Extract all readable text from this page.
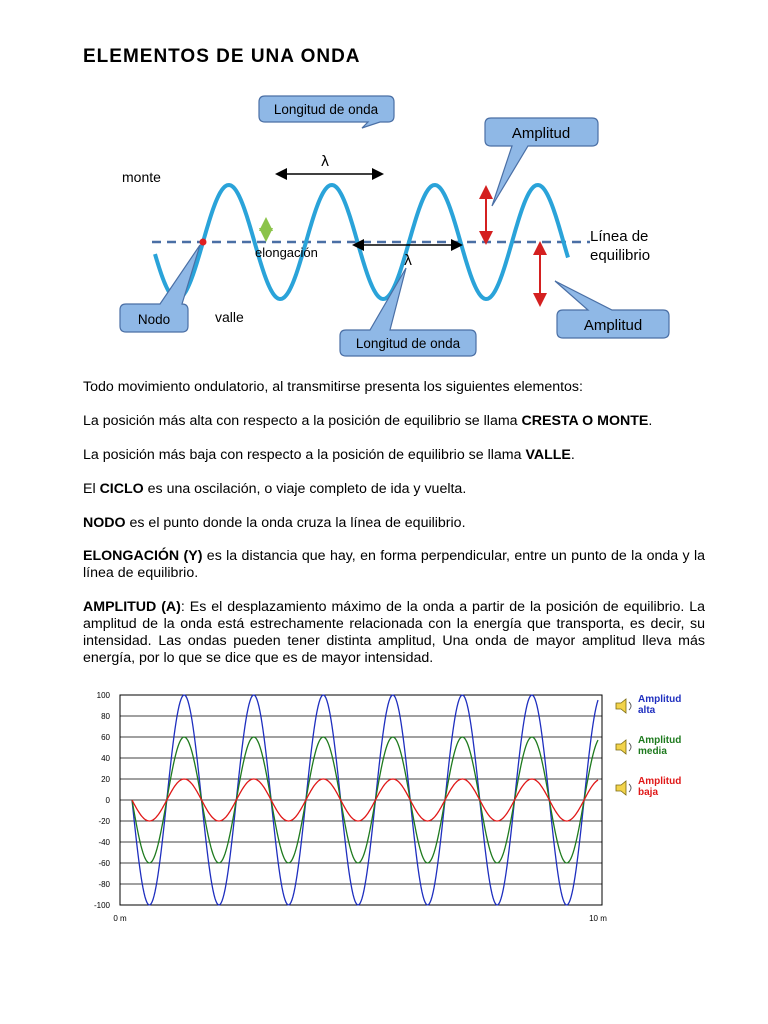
ELEMENTOS DE UNA ONDA
Longitud de onda
Amplitud
Amplitud
Nodo
Longitud de onda
λ
λ
monte
valle
elongación
Línea de
equilibrio
Todo movimiento ondulatorio, al transmitirse presenta los siguientes elementos:
La posición más alta con respecto a la posición de equilibrio se llama CRESTA O MONTE.
La posición más baja con respecto a la posición de equilibrio se llama VALLE.
El CICLO es una oscilación, o viaje completo de ida y vuelta.
NODO es el punto donde la onda cruza la línea de equilibrio.
ELONGACIÓN (Y) es la distancia que hay, en forma perpendicular, entre un punto de la onda y la línea de equilibrio.
AMPLITUD (A): Es el desplazamiento máximo de la onda a partir de la posición de equilibrio. La amplitud de la onda está estrechamente relacionada con la energía que transporta, es decir, su intensidad. Las ondas pueden tener distinta amplitud, Una onda de mayor amplitud lleva más energía, por lo que se dice que es de mayor intensidad.
100
80
60
40
20
0
-20
-40
-60
-80
-100
0 m	10 m
Amplitud
alta
Amplitud
media
Amplitud
baja
